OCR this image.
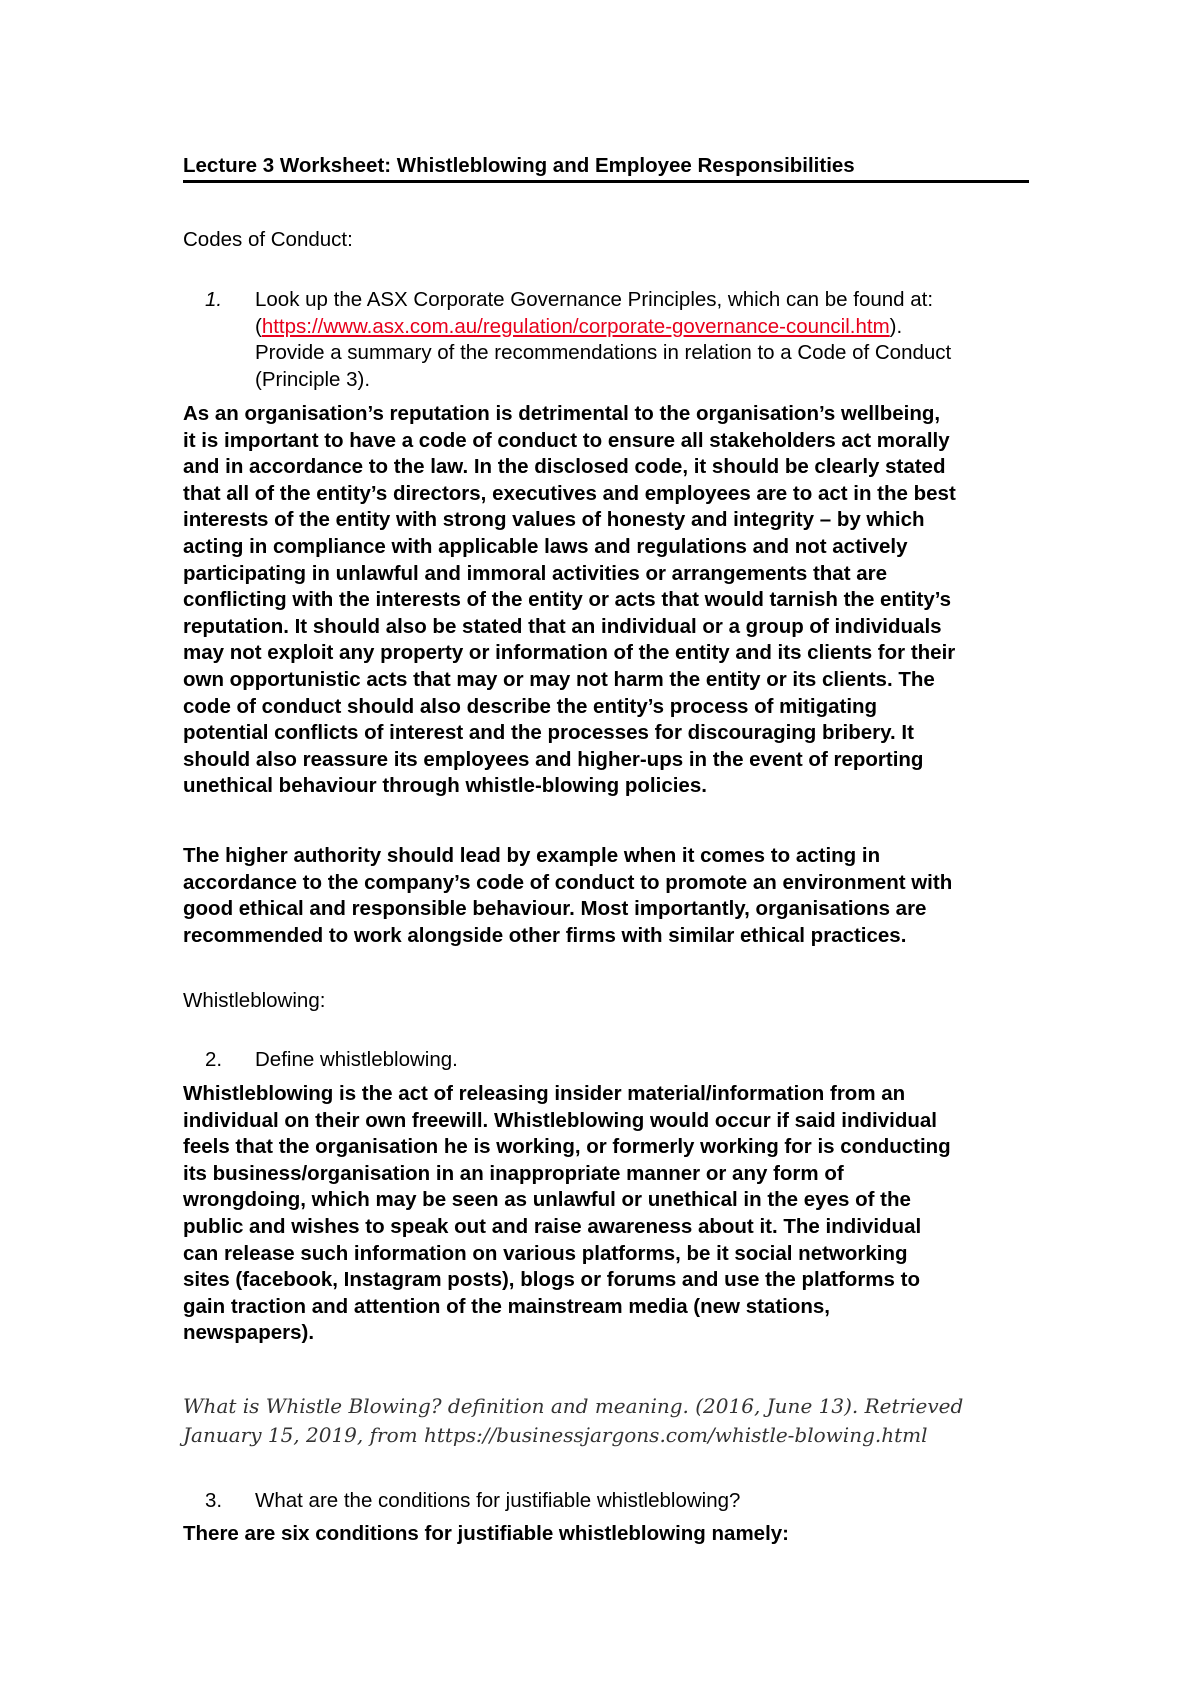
Lecture 3 Worksheet: Whistleblowing and Employee Responsibilities
Codes of Conduct:
1.	Look up the ASX Corporate Governance Principles, which can be found at:
(https://www.asx.com.au/regulation/corporate-governance-council.htm).
Provide a summary of the recommendations in relation to a Code of Conduct
(Principle 3).
As an organisation’s reputation is detrimental to the organisation’s wellbeing,
it is important to have a code of conduct to ensure all stakeholders act morally
and in accordance to the law. In the disclosed code, it should be clearly stated
that all of the entity’s directors, executives and employees are to act in the best
interests of the entity with strong values of honesty and integrity – by which
acting in compliance with applicable laws and regulations and not actively
participating in unlawful and immoral activities or arrangements that are
conflicting with the interests of the entity or acts that would tarnish the entity’s
reputation. It should also be stated that an individual or a group of individuals
may not exploit any property or information of the entity and its clients for their
own opportunistic acts that may or may not harm the entity or its clients. The
code of conduct should also describe the entity’s process of mitigating
potential conflicts of interest and the processes for discouraging bribery. It
should also reassure its employees and higher-ups in the event of reporting
unethical behaviour through whistle-blowing policies.
The higher authority should lead by example when it comes to acting in
accordance to the company’s code of conduct to promote an environment with
good ethical and responsible behaviour. Most importantly, organisations are
recommended to work alongside other firms with similar ethical practices.
Whistleblowing:
2.	Define whistleblowing.
Whistleblowing is the act of releasing insider material/information from an
individual on their own freewill. Whistleblowing would occur if said individual
feels that the organisation he is working, or formerly working for is conducting
its business/organisation in an inappropriate manner or any form of
wrongdoing, which may be seen as unlawful or unethical in the eyes of the
public and wishes to speak out and raise awareness about it. The individual
can release such information on various platforms, be it social networking
sites (facebook, Instagram posts), blogs or forums and use the platforms to
gain traction and attention of the mainstream media (new stations,
newspapers).
What is Whistle Blowing? definition and meaning. (2016, June 13). Retrieved
January 15, 2019, from https://businessjargons.com/whistle-blowing.html
3.	What are the conditions for justifiable whistleblowing?
There are six conditions for justifiable whistleblowing namely:
